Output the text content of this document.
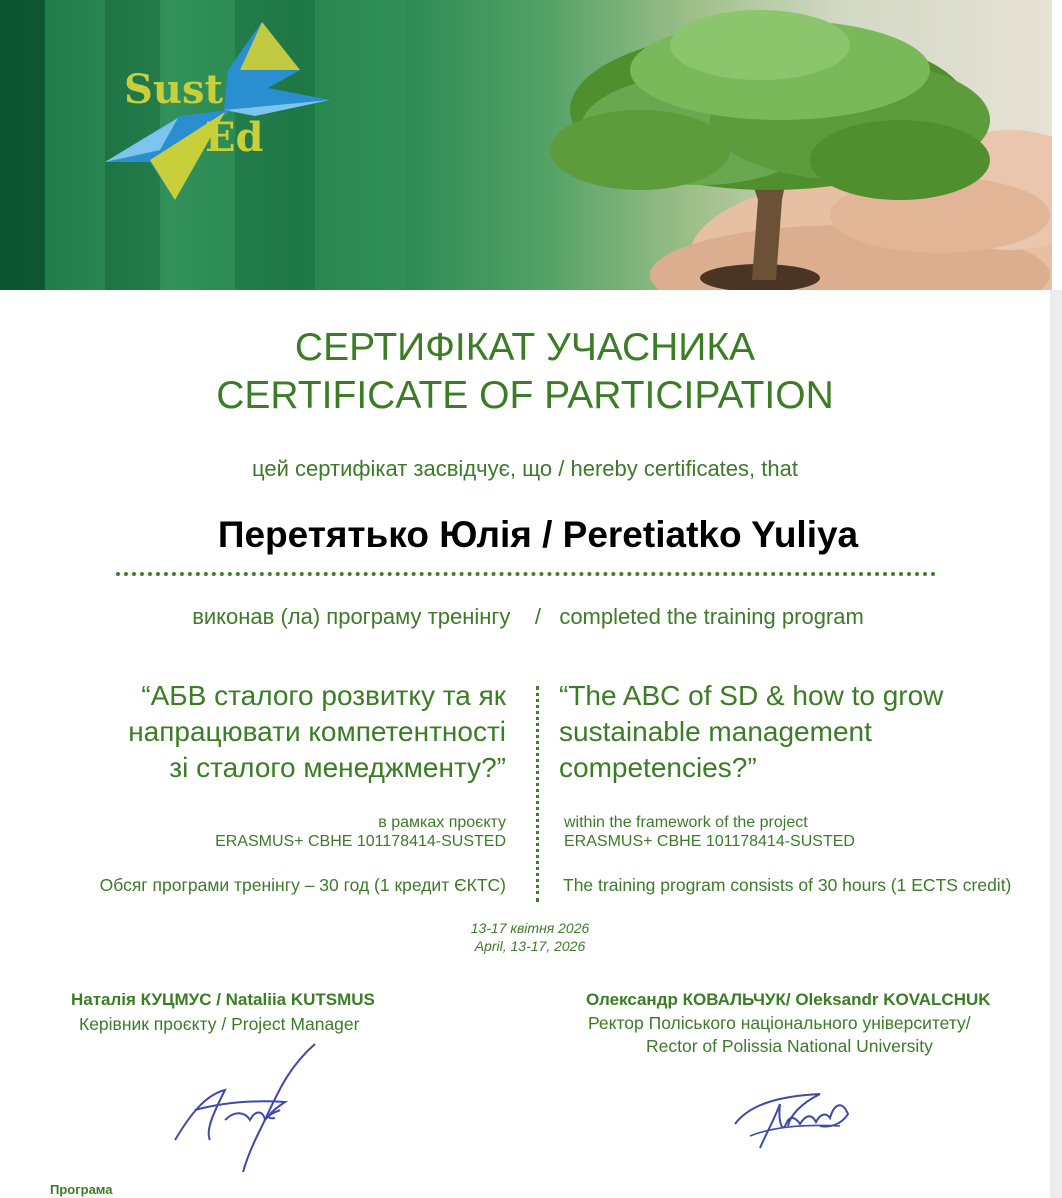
Sust
Ed
СЕРТИФІКАТ УЧАСНИКА
CERTIFICATE OF PARTICIPATION
цей сертифікат засвідчує, що / hereby certificates, that
Перетятько Юлія / Peretiatko Yuliya
виконав (ла) програму тренінгу    /   completed the training program
“АБВ сталого розвитку та як
напрацювати компетентності
зі сталого менеджменту?”
“The ABC of SD & how to grow
sustainable management
competencies?”
в рамках проєкту
ERASMUS+ CBHE 101178414-SUSTED
within the framework of the project
ERASMUS+ CBHE 101178414-SUSTED
Обсяг програми тренінгу – 30 год (1 кредит ЄКТС)	The training program consists of 30 hours (1 ECTS credit)
13-17 квітня 2026
April, 13-17, 2026
Наталія КУЦМУС / Nataliia KUTSMUS
Керівник проєкту / Project Manager
Олександр КОВАЛЬЧУК/ Oleksandr KOVALCHUK
Ректор Поліського національного університету/
Rector of Polissia National University
Програма
